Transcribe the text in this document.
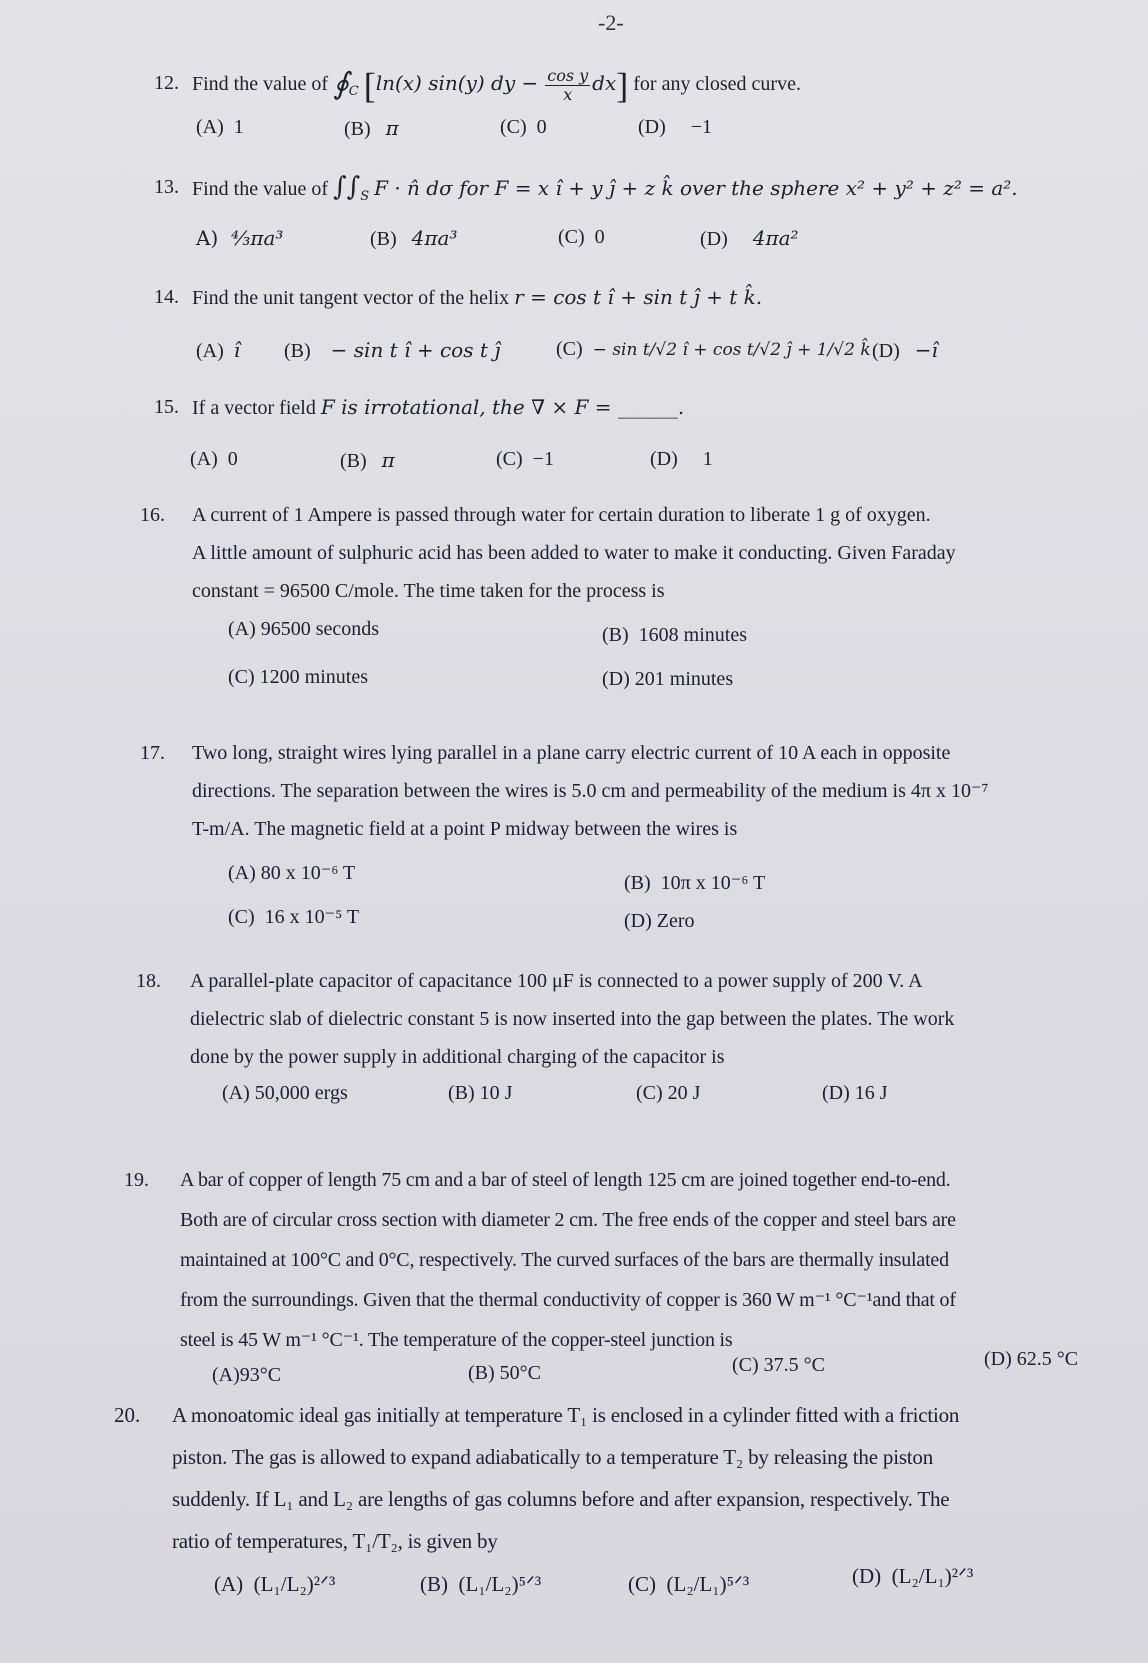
-2-
12. Find the value of $∮_C$ [ln(x) sin(y) dy − $\frac{\text{cos y}}{x} dx$] for any closed curve.
(A) 1	(B) π	(C) 0	(D) −1
13. Find the value of $\int\int_S$ F · n̂ dσ for F = x î + y ĵ + z k̂ over the sphere x² + y² + z² = a².
A) ⁴⁄₃πa³	(B) 4πa³	(C) 0	(D) 4πa²
14. Find the unit tangent vector of the helix r = cos t î + sin t ĵ + t k̂.
(A) î (B) − sin t î + cos t ĵ	(C) − sin t/√2 î + cos t/√2 ĵ + 1/√2 k̂ (D) −î
15. If a vector field F is irrotational, the ∇ × F = ______.
(A) 0	(B) π	(C) −1	(D) 1
16. A current of 1 Ampere is passed through water for certain duration to liberate 1 g of oxygen.
A little amount of sulphuric acid has been added to water to make it conducting. Given Faraday
constant = 96500 C/mole. The time taken for the process is
(A) 96500 seconds	(B) 1608 minutes
(C) 1200 minutes	(D) 201 minutes
17. Two long, straight wires lying parallel in a plane carry electric current of 10 A each in opposite
directions. The separation between the wires is 5.0 cm and permeability of the medium is 4π x 10⁻⁷
T-m/A. The magnetic field at a point P midway between the wires is
(A) 80 x 10⁻⁶ T	(B) 10π x 10⁻⁶ T
(C) 16 x 10⁻⁵ T	(D) Zero
18. A parallel-plate capacitor of capacitance 100 μF is connected to a power supply of 200 V. A
dielectric slab of dielectric constant 5 is now inserted into the gap between the plates. The work
done by the power supply in additional charging of the capacitor is
(A) 50,000 ergs	(B) 10 J	(C) 20 J	(D) 16 J
19. A bar of copper of length 75 cm and a bar of steel of length 125 cm are joined together end-to-end.
Both are of circular cross section with diameter 2 cm. The free ends of the copper and steel bars are
maintained at 100°C and 0°C, respectively. The curved surfaces of the bars are thermally insulated
from the surroundings. Given that the thermal conductivity of copper is 360 W m⁻¹ °C⁻¹and that of
steel is 45 W m⁻¹ °C⁻¹. The temperature of the copper-steel junction is
(A)93°C	(B) 50°C	(C) 37.5 °C	(D) 62.5 °C
20. A monoatomic ideal gas initially at temperature T₁ is enclosed in a cylinder fitted with a friction
piston. The gas is allowed to expand adiabatically to a temperature T₂ by releasing the piston
suddenly. If L₁ and L₂ are lengths of gas columns before and after expansion, respectively. The
ratio of temperatures, T₁/T₂, is given by
(A) (L₁/L₂)²ᐟ³	(B) (L₁/L₂)⁵ᐟ³	(C) (L₂/L₁)⁵ᐟ³	(D) (L₂/L₁)²ᐟ³
